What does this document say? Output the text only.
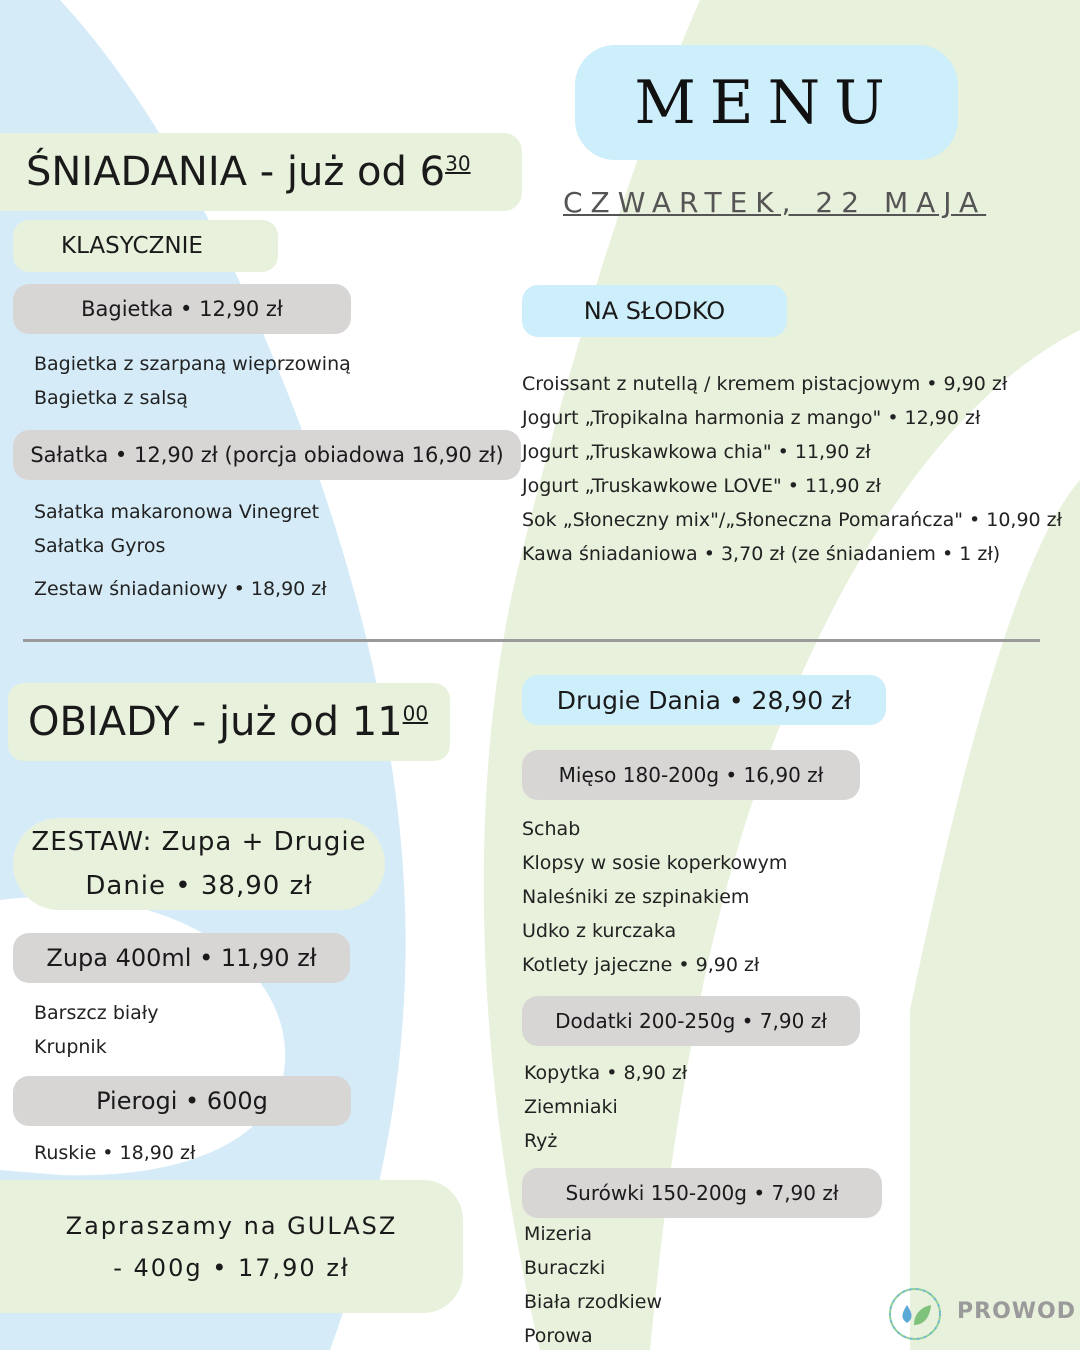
MENU
CZWARTEK, 22 MAJA
ŚNIADANIA - już od $6^{30}$
KLASYCZNIE
Bagietka • 12,90 zł
Bagietka z szarpaną wieprzowiną
Bagietka z salsą
Sałatka • 12,90 zł (porcja obiadowa 16,90 zł)
Sałatka makaronowa Vinegret
Sałatka Gyros
Zestaw śniadaniowy • 18,90 zł
NA SŁODKO
Croissant z nutellą / kremem pistacjowym • 9,90 zł
Jogurt „Tropikalna harmonia z mango" • 12,90 zł
Jogurt „Truskawkowa chia" • 11,90 zł
Jogurt „Truskawkowe LOVE" • 11,90 zł
Sok „Słoneczny mix"/„Słoneczna Pomarańcza" • 10,90 zł
Kawa śniadaniowa • 3,70 zł (ze śniadaniem • 1 zł)
OBIADY - już od $11^{00}$
ZESTAW: Zupa + Drugie
Danie • 38,90 zł
Zupa 400ml • 11,90 zł
Barszcz biały
Krupnik
Pierogi • 600g
Ruskie • 18,90 zł
Zapraszamy na GULASZ
- 400g • 17,90 zł
Drugie Dania • 28,90 zł
Mięso 180-200g • 16,90 zł
Schab
Klopsy w sosie koperkowym
Naleśniki ze szpinakiem
Udko z kurczaka
Kotlety jajeczne • 9,90 zł
Dodatki 200-250g • 7,90 zł
Kopytka • 8,90 zł
Ziemniaki
Ryż
Surówki 150-200g • 7,90 zł
Mizeria
Buraczki
Biała rzodkiew
Porowa
PROWOD
